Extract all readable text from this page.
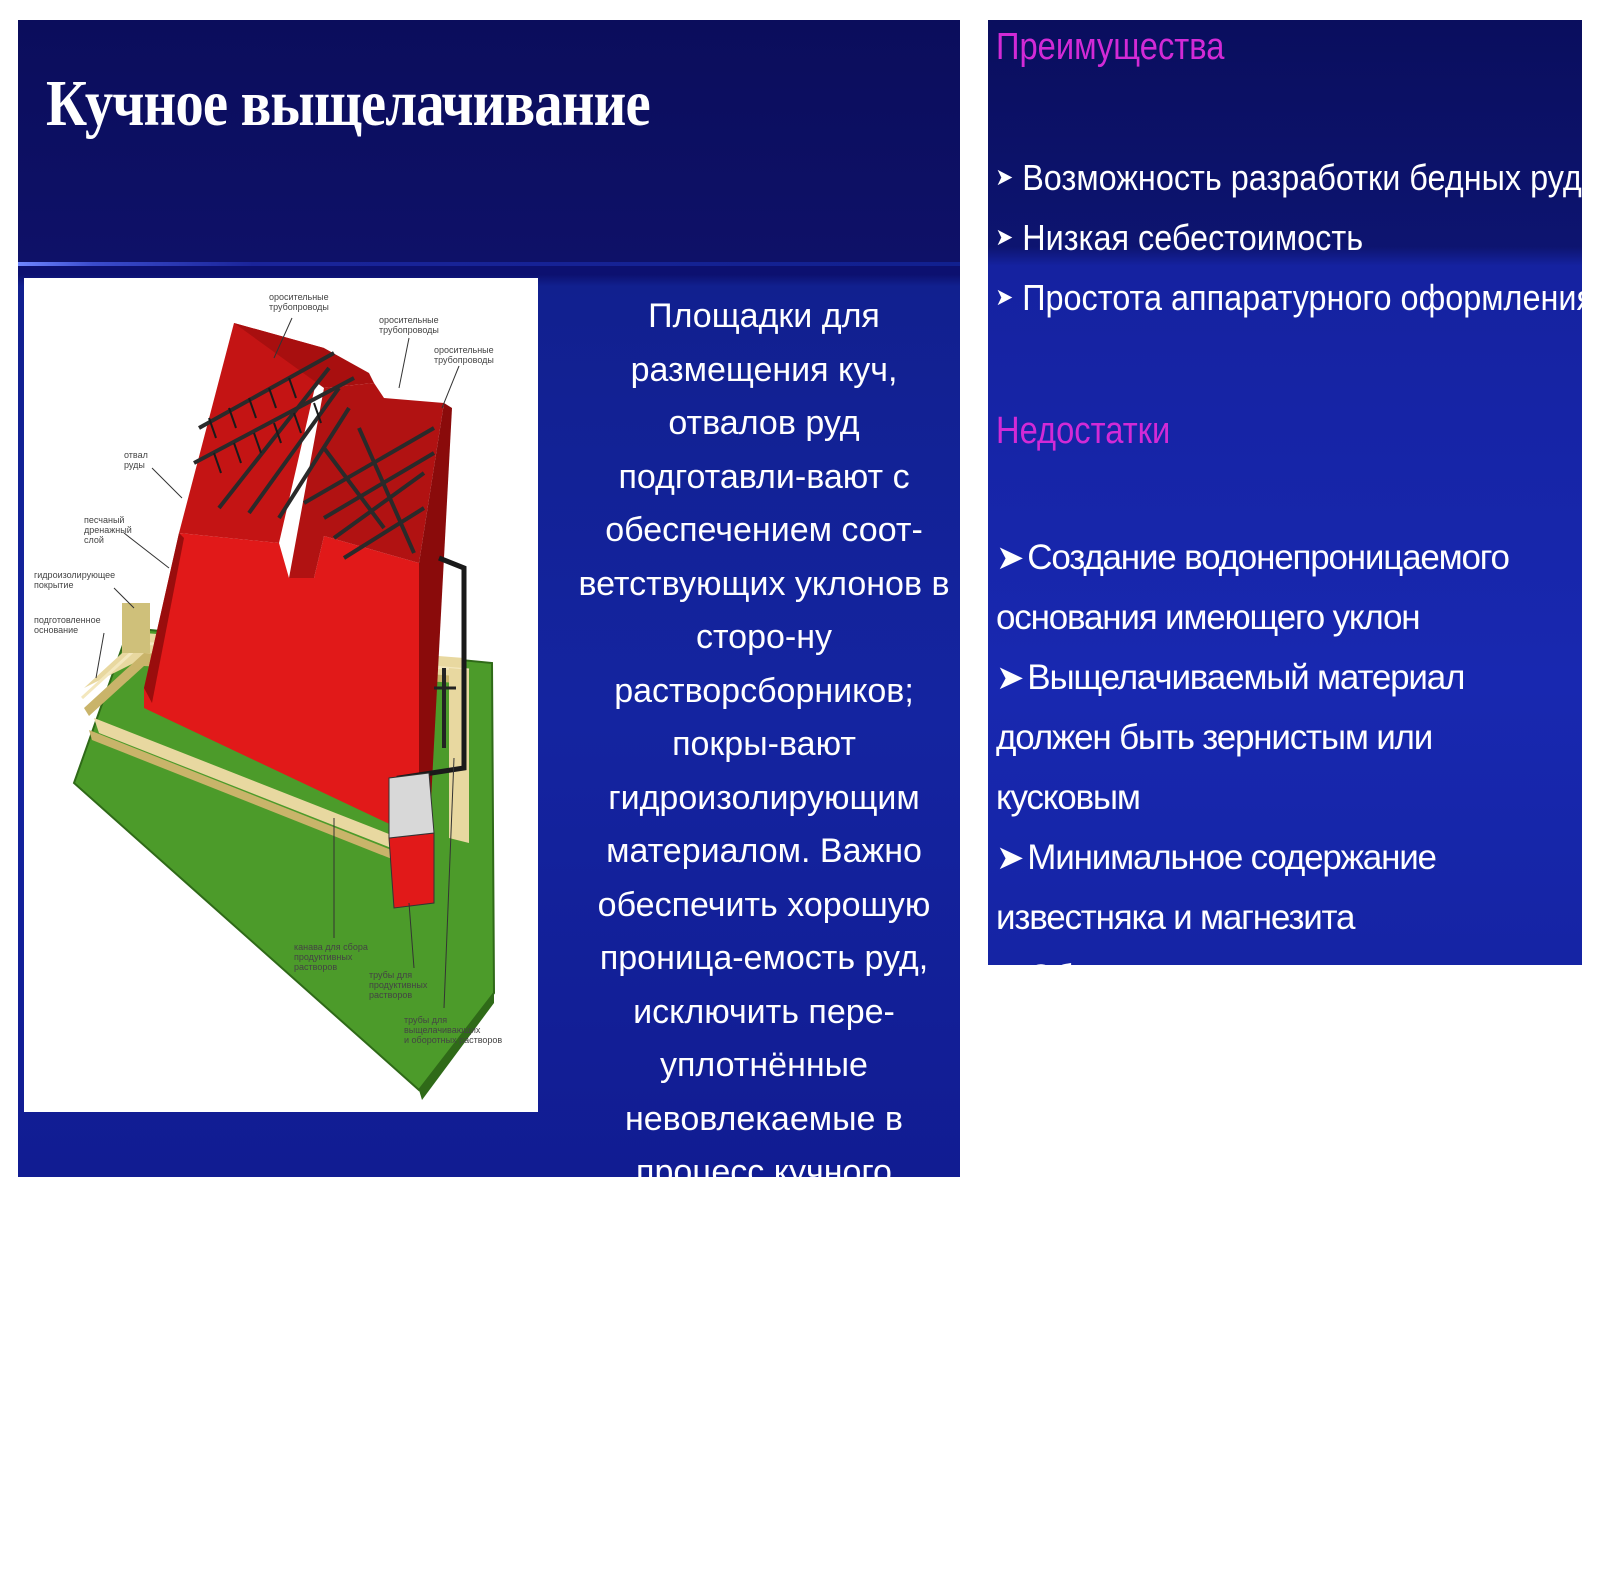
Кучное выщелачивание
оросительные
трубопроводы
оросительные
трубопроводы
оросительные
трубопроводы
отвал
руды
песчаный
дренажный
слой
гидроизолирующее
покрытие
подготовленное
основание
канава для сбора
продуктивных
растворов
трубы для
продуктивных
растворов
трубы для
выщелачивающих
и оборотных растворов

Площадки для размещения куч, отвалов руд подготавли-вают с обеспечением соот-ветствующих уклонов в сторо-ну растворсборников; покры-вают гидроизолирующим материалом. Важно обеспечить хорошую проница-емость руд, исключить пере-уплотнённые невовлекаемые в процесс кучного выщелачи-вания участки. Растворитель взаимодействует с ценным компонентом, растворяет его и стекает вместе с ним в бассейн.

Преимущества
➤ Возможность разработки бедных руд
➤ Низкая себестоимость
➤ Простота аппаратурного оформления
Недостатки
➤ Создание водонепроницаемого основания имеющего уклон
➤ Выщелачиваемый материал должен быть зернистым или кусковым
➤ Минимальное содержание известняка и магнезита
➤ Обеспечение доступа воздуха внутрь кучи
